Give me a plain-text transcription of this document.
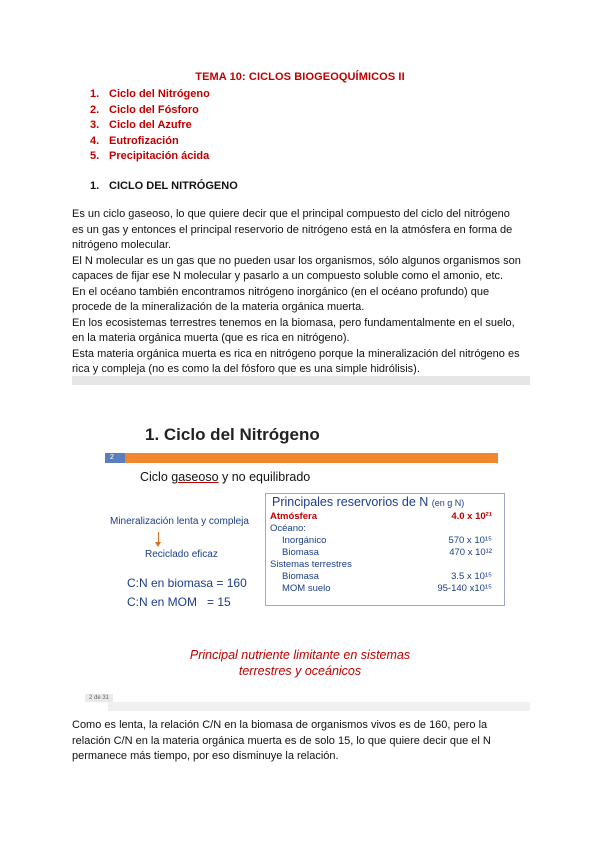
TEMA 10: CICLOS BIOGEOQUÍMICOS II
1. Ciclo del Nitrógeno
2. Ciclo del Fósforo
3. Ciclo del Azufre
4. Eutrofización
5. Precipitación ácida
1. CICLO DEL NITRÓGENO

Es un ciclo gaseoso, lo que quiere decir que el principal compuesto del ciclo del nitrógeno

es un gas y entonces el principal reservorio de nitrógeno está en la atmósfera en forma de

nitrógeno molecular.

El N molecular es un gas que no pueden usar los organismos, sólo algunos organismos son

capaces de fijar ese N molecular y pasarlo a un compuesto soluble como el amonio, etc.

En el océano también encontramos nitrógeno inorgánico (en el océano profundo) que

procede de la mineralización de la materia orgánica muerta.

En los ecosistemas terrestres tenemos en la biomasa, pero fundamentalmente en el suelo,

en la materia orgánica muerta (que es rica en nitrógeno).

Esta materia orgánica muerta es rica en nitrógeno porque la mineralización del nitrógeno es

rica y compleja (no es como la del fósforo que es una simple hidrólisis).

1. Ciclo del Nitrógeno
2
Ciclo gaseoso y no equilibrado
Mineralización lenta y compleja
Reciclado eficaz
C:N en biomasa = 160
C:N en MOM   = 15
Principales reservorios de N (en g N)
Atmósfera	4.0 x 10²¹
Océano:
Inorgánico	570 x 10¹⁵
Biomasa	470 x 10¹²
Sistemas terrestres
Biomasa	3.5 x 10¹⁵
MOM suelo	95-140 x10¹⁵
Principal nutriente limitante en sistemas
terrestres y oceánicos
2 de 31

Como es lenta, la relación C/N en la biomasa de organismos vivos es de 160, pero la

relación C/N en la materia orgánica muerta es de solo 15, lo que quiere decir que el N

permanece más tiempo, por eso disminuye la relación.
